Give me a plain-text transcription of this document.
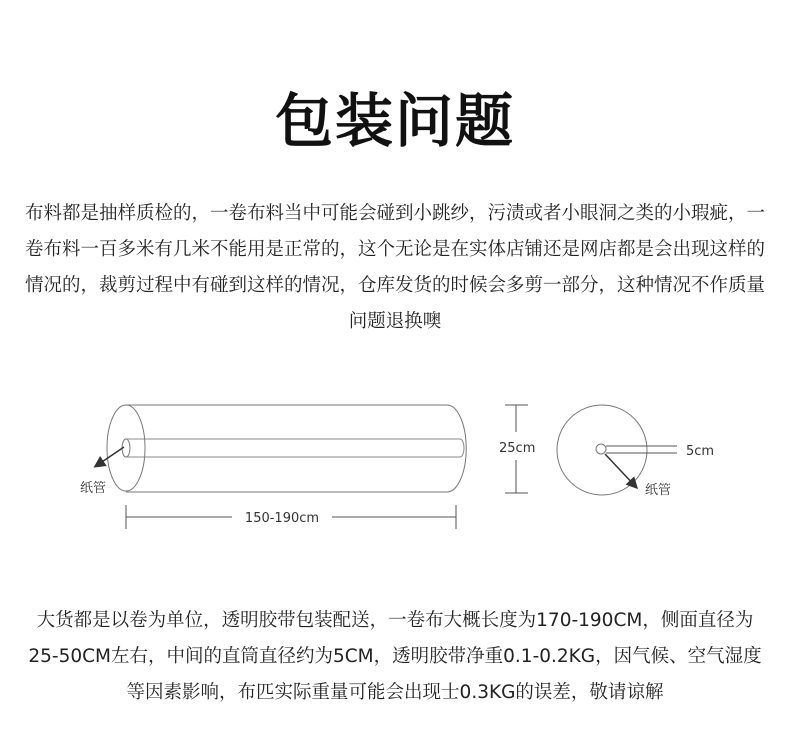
包装问题
布料都是抽样质检的，一卷布料当中可能会碰到小跳纱，污渍或者小眼洞之类的小瑕疵，一卷布料一百多米有几米不能用是正常的，这个无论是在实体店铺还是网店都是会出现这样的情况的，裁剪过程中有碰到这样的情况，仓库发货的时候会多剪一部分，这种情况不作质量问题退换噢
纸管
150-190cm
25cm	5cm
纸管
大货都是以卷为单位，透明胶带包装配送，一卷布大概长度为170-190CM，侧面直径为25-50CM左右，中间的直筒直径约为5CM，透明胶带净重0.1-0.2KG，因气候、空气湿度等因素影响，布匹实际重量可能会出现士0.3KG的误差，敬请谅解
